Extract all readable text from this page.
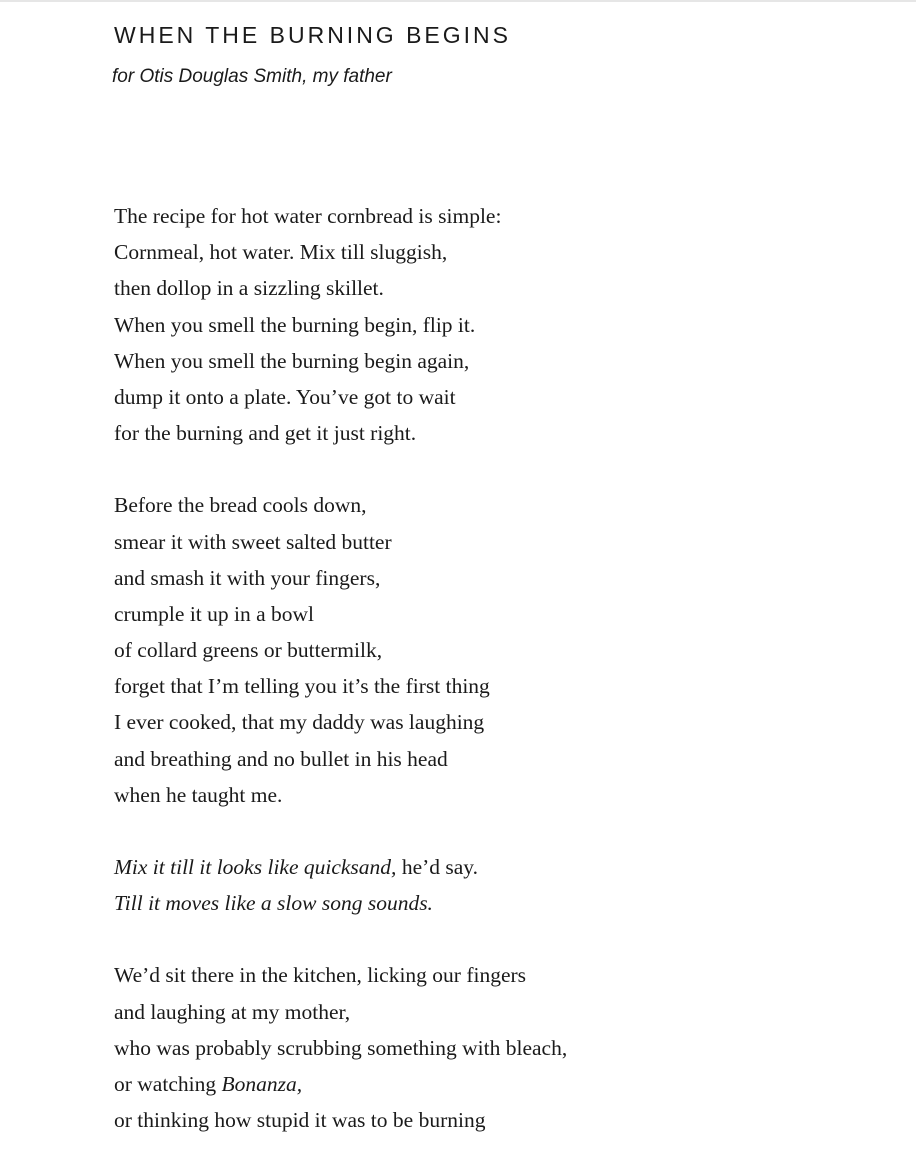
WHEN THE BURNING BEGINS

for Otis Douglas Smith, my father

The recipe for hot water cornbread is simple:
Cornmeal, hot water. Mix till sluggish,
then dollop in a sizzling skillet.
When you smell the burning begin, flip it.
When you smell the burning begin again,
dump it onto a plate. You’ve got to wait
for the burning and get it just right.
Before the bread cools down,
smear it with sweet salted butter
and smash it with your fingers,
crumple it up in a bowl
of collard greens or buttermilk,
forget that I’m telling you it’s the first thing
I ever cooked, that my daddy was laughing
and breathing and no bullet in his head
when he taught me.
Mix it till it looks like quicksand, he’d say.
Till it moves like a slow song sounds.
We’d sit there in the kitchen, licking our fingers
and laughing at my mother,
who was probably scrubbing something with bleach,
or watching Bonanza,
or thinking how stupid it was to be burning
